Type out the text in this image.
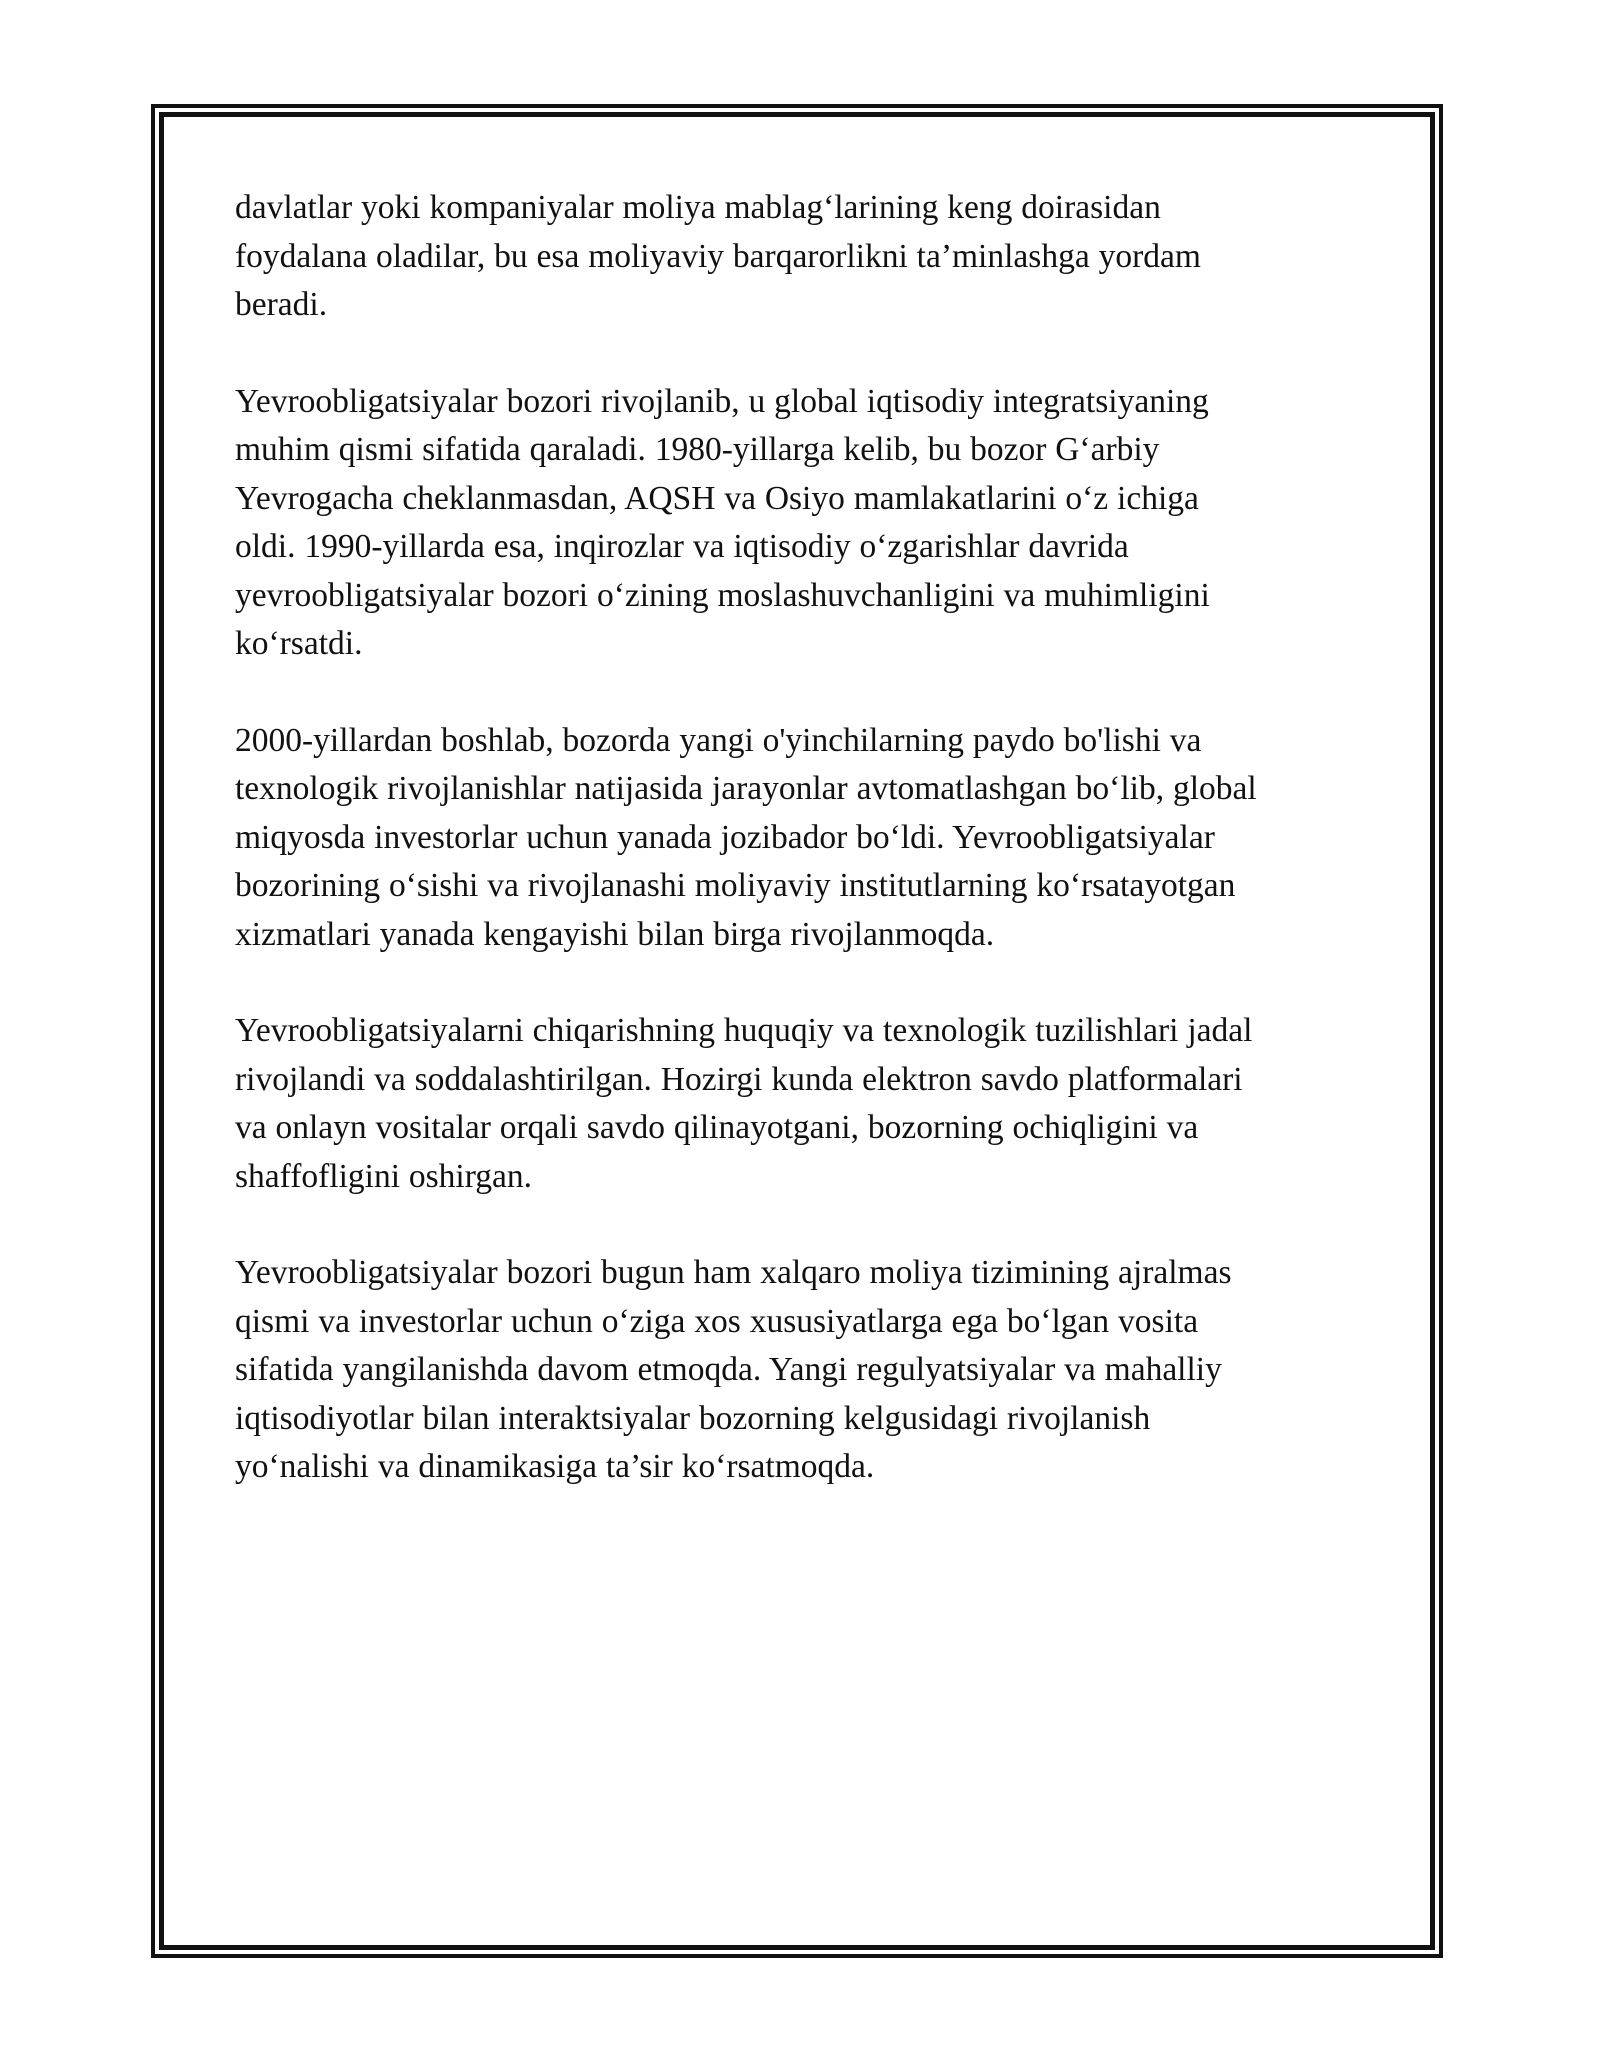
davlatlar yoki kompaniyalar moliya mablag‘larining keng doirasidan
foydalana oladilar, bu esa moliyaviy barqarorlikni ta’minlashga yordam
beradi.

Yevroobligatsiyalar bozori rivojlanib, u global iqtisodiy integratsiyaning
muhim qismi sifatida qaraladi. 1980-yillarga kelib, bu bozor G‘arbiy
Yevrogacha cheklanmasdan, AQSH va Osiyo mamlakatlarini o‘z ichiga
oldi. 1990-yillarda esa, inqirozlar va iqtisodiy o‘zgarishlar davrida
yevroobligatsiyalar bozori o‘zining moslashuvchanligini va muhimligini
ko‘rsatdi.

2000-yillardan boshlab, bozorda yangi o'yinchilarning paydo bo'lishi va
texnologik rivojlanishlar natijasida jarayonlar avtomatlashgan bo‘lib, global
miqyosda investorlar uchun yanada jozibador bo‘ldi. Yevroobligatsiyalar
bozorining o‘sishi va rivojlanashi moliyaviy institutlarning ko‘rsatayotgan
xizmatlari yanada kengayishi bilan birga rivojlanmoqda.

Yevroobligatsiyalarni chiqarishning huquqiy va texnologik tuzilishlari jadal
rivojlandi va soddalashtirilgan. Hozirgi kunda elektron savdo platformalari
va onlayn vositalar orqali savdo qilinayotgani, bozorning ochiqligini va
shaffofligini oshirgan.

Yevroobligatsiyalar bozori bugun ham xalqaro moliya tizimining ajralmas
qismi va investorlar uchun o‘ziga xos xususiyatlarga ega bo‘lgan vosita
sifatida yangilanishda davom etmoqda. Yangi regulyatsiyalar va mahalliy
iqtisodiyotlar bilan interaktsiyalar bozorning kelgusidagi rivojlanish
yo‘nalishi va dinamikasiga ta’sir ko‘rsatmoqda.
